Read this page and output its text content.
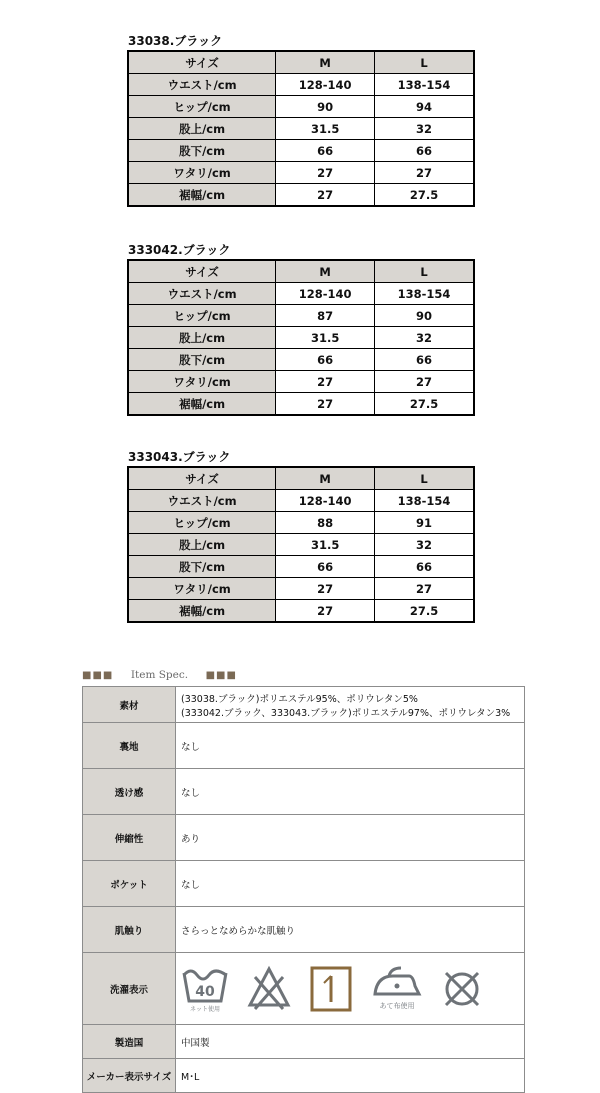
33038.ブラック
サイズ	M	L
ウエスト/cm	128-140	138-154
ヒップ/cm	90	94
股上/cm	31.5	32
股下/cm	66	66
ワタリ/cm	27	27
裾幅/cm	27	27.5
333042.ブラック
サイズ	M	L
ウエスト/cm	128-140	138-154
ヒップ/cm	87	90
股上/cm	31.5	32
股下/cm	66	66
ワタリ/cm	27	27
裾幅/cm	27	27.5
333043.ブラック
サイズ	M	L
ウエスト/cm	128-140	138-154
ヒップ/cm	88	91
股上/cm	31.5	32
股下/cm	66	66
ワタリ/cm	27	27
裾幅/cm	27	27.5
■■■ Item Spec. ■■■
素材	(33038.ブラック)ポリエステル95%、ポリウレタン5%
(333042.ブラック、333043.ブラック)ポリエステル97%、ポリウレタン3%

裏地	なし

透け感	なし

伸縮性	あり

ポケット	なし

肌触り	さらっとなめらかな肌触り

洗濯表示	40
ネット使用 あて布使用

製造国	中国製

メーカー表示サイズ	M･L
